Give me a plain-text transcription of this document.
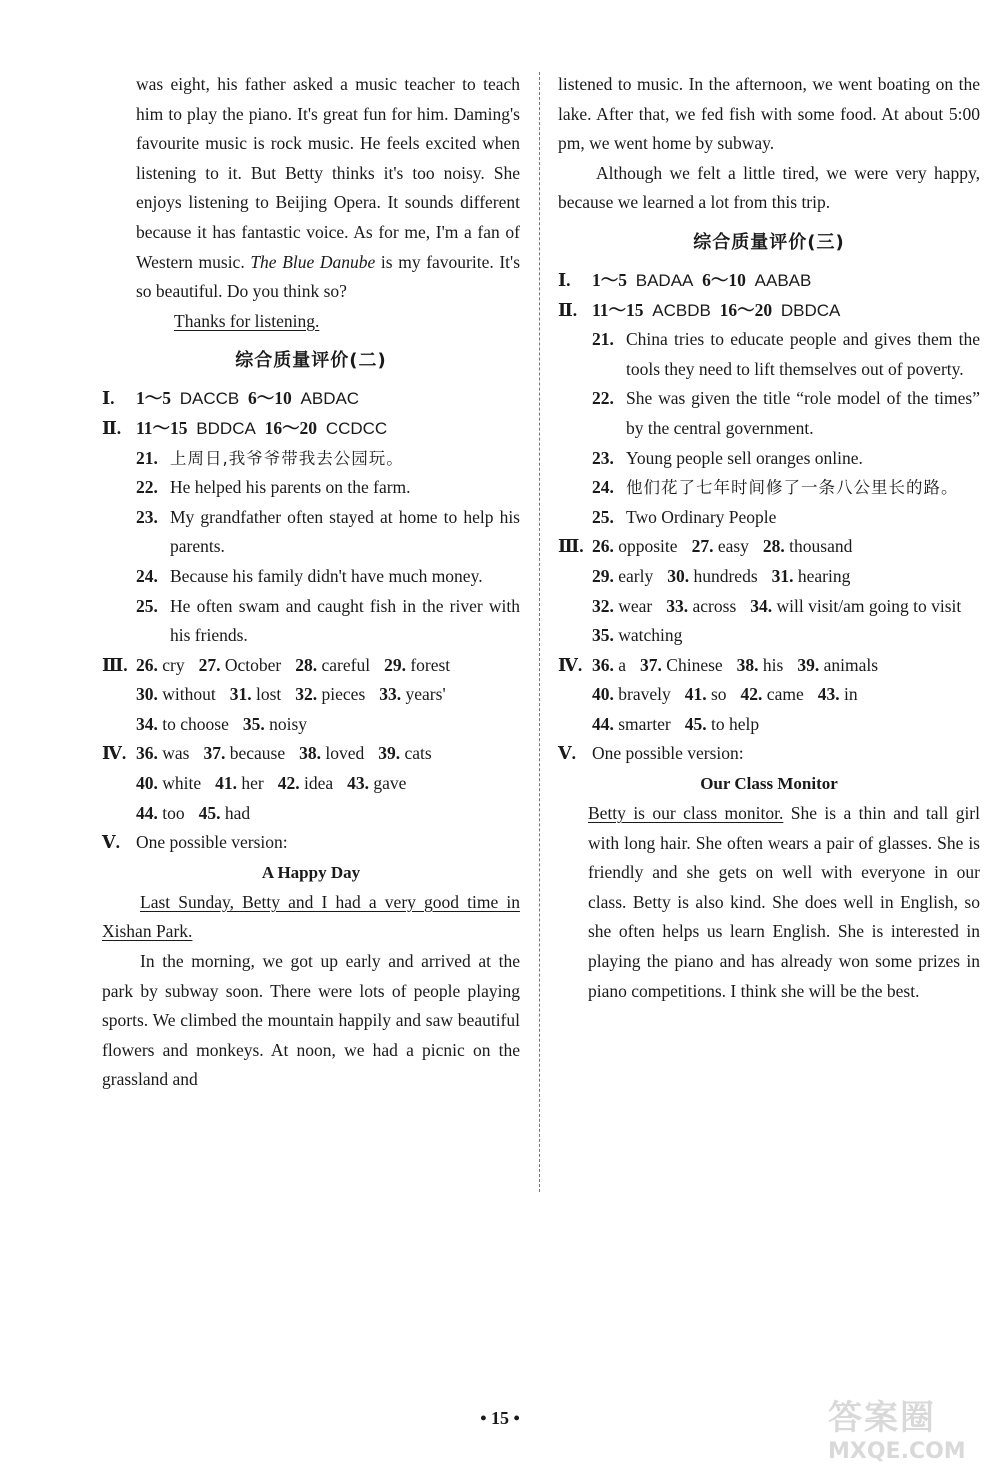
was eight, his father asked a music teacher to teach him to play the piano. It's great fun for him. Daming's favourite music is rock music. He feels excited when listening to it. But Betty thinks it's too noisy. She enjoys listening to Beijing Opera. It sounds different because it has fantastic voice. As for me, I'm a fan of Western music. The Blue Danube is my favourite. It's so beautiful. Do you think so?
Thanks for listening.
综合质量评价(二)
Ⅰ. 1～5 DACCB 6～10 ABDAC
Ⅱ. 11～15 BDDCA 16～20 CCDCC
21. 上周日,我爷爷带我去公园玩。
22. He helped his parents on the farm.
23. My grandfather often stayed at home to help his parents.
24. Because his family didn't have much money.
25. He often swam and caught fish in the river with his friends.
Ⅲ. 26. cry 27. October 28. careful 29. forest
30. without 31. lost 32. pieces 33. years'
34. to choose 35. noisy
Ⅳ. 36. was 37. because 38. loved 39. cats
40. white 41. her 42. idea 43. gave
44. too 45. had
Ⅴ. One possible version:
A Happy Day
Last Sunday, Betty and I had a very good time in Xishan Park.
In the morning, we got up early and arrived at the park by subway soon. There were lots of people playing sports. We climbed the mountain happily and saw beautiful flowers and monkeys. At noon, we had a picnic on the grassland and
listened to music. In the afternoon, we went boating on the lake. After that, we fed fish with some food. At about 5:00 pm, we went home by subway.
Although we felt a little tired, we were very happy, because we learned a lot from this trip.
综合质量评价(三)
Ⅰ. 1～5 BADAA 6～10 AABAB
Ⅱ. 11～15 ACBDB 16～20 DBDCA
21. China tries to educate people and gives them the tools they need to lift themselves out of poverty.
22. She was given the title “role model of the times” by the central government.
23. Young people sell oranges online.
24. 他们花了七年时间修了一条八公里长的路。
25. Two Ordinary People
Ⅲ. 26. opposite 27. easy 28. thousand
29. early 30. hundreds 31. hearing
32. wear 33. across 34. will visit/am going to visit
35. watching
Ⅳ. 36. a 37. Chinese 38. his 39. animals
40. bravely 41. so 42. came 43. in
44. smarter 45. to help
Ⅴ. One possible version:
Our Class Monitor
Betty is our class monitor. She is a thin and tall girl with long hair. She often wears a pair of glasses. She is friendly and she gets on well with everyone in our class. Betty is also kind. She does well in English, so she often helps us learn English. She is interested in playing the piano and has already won some prizes in piano competitions. I think she will be the best.
• 15 •	答案圈
MXQE.COM
